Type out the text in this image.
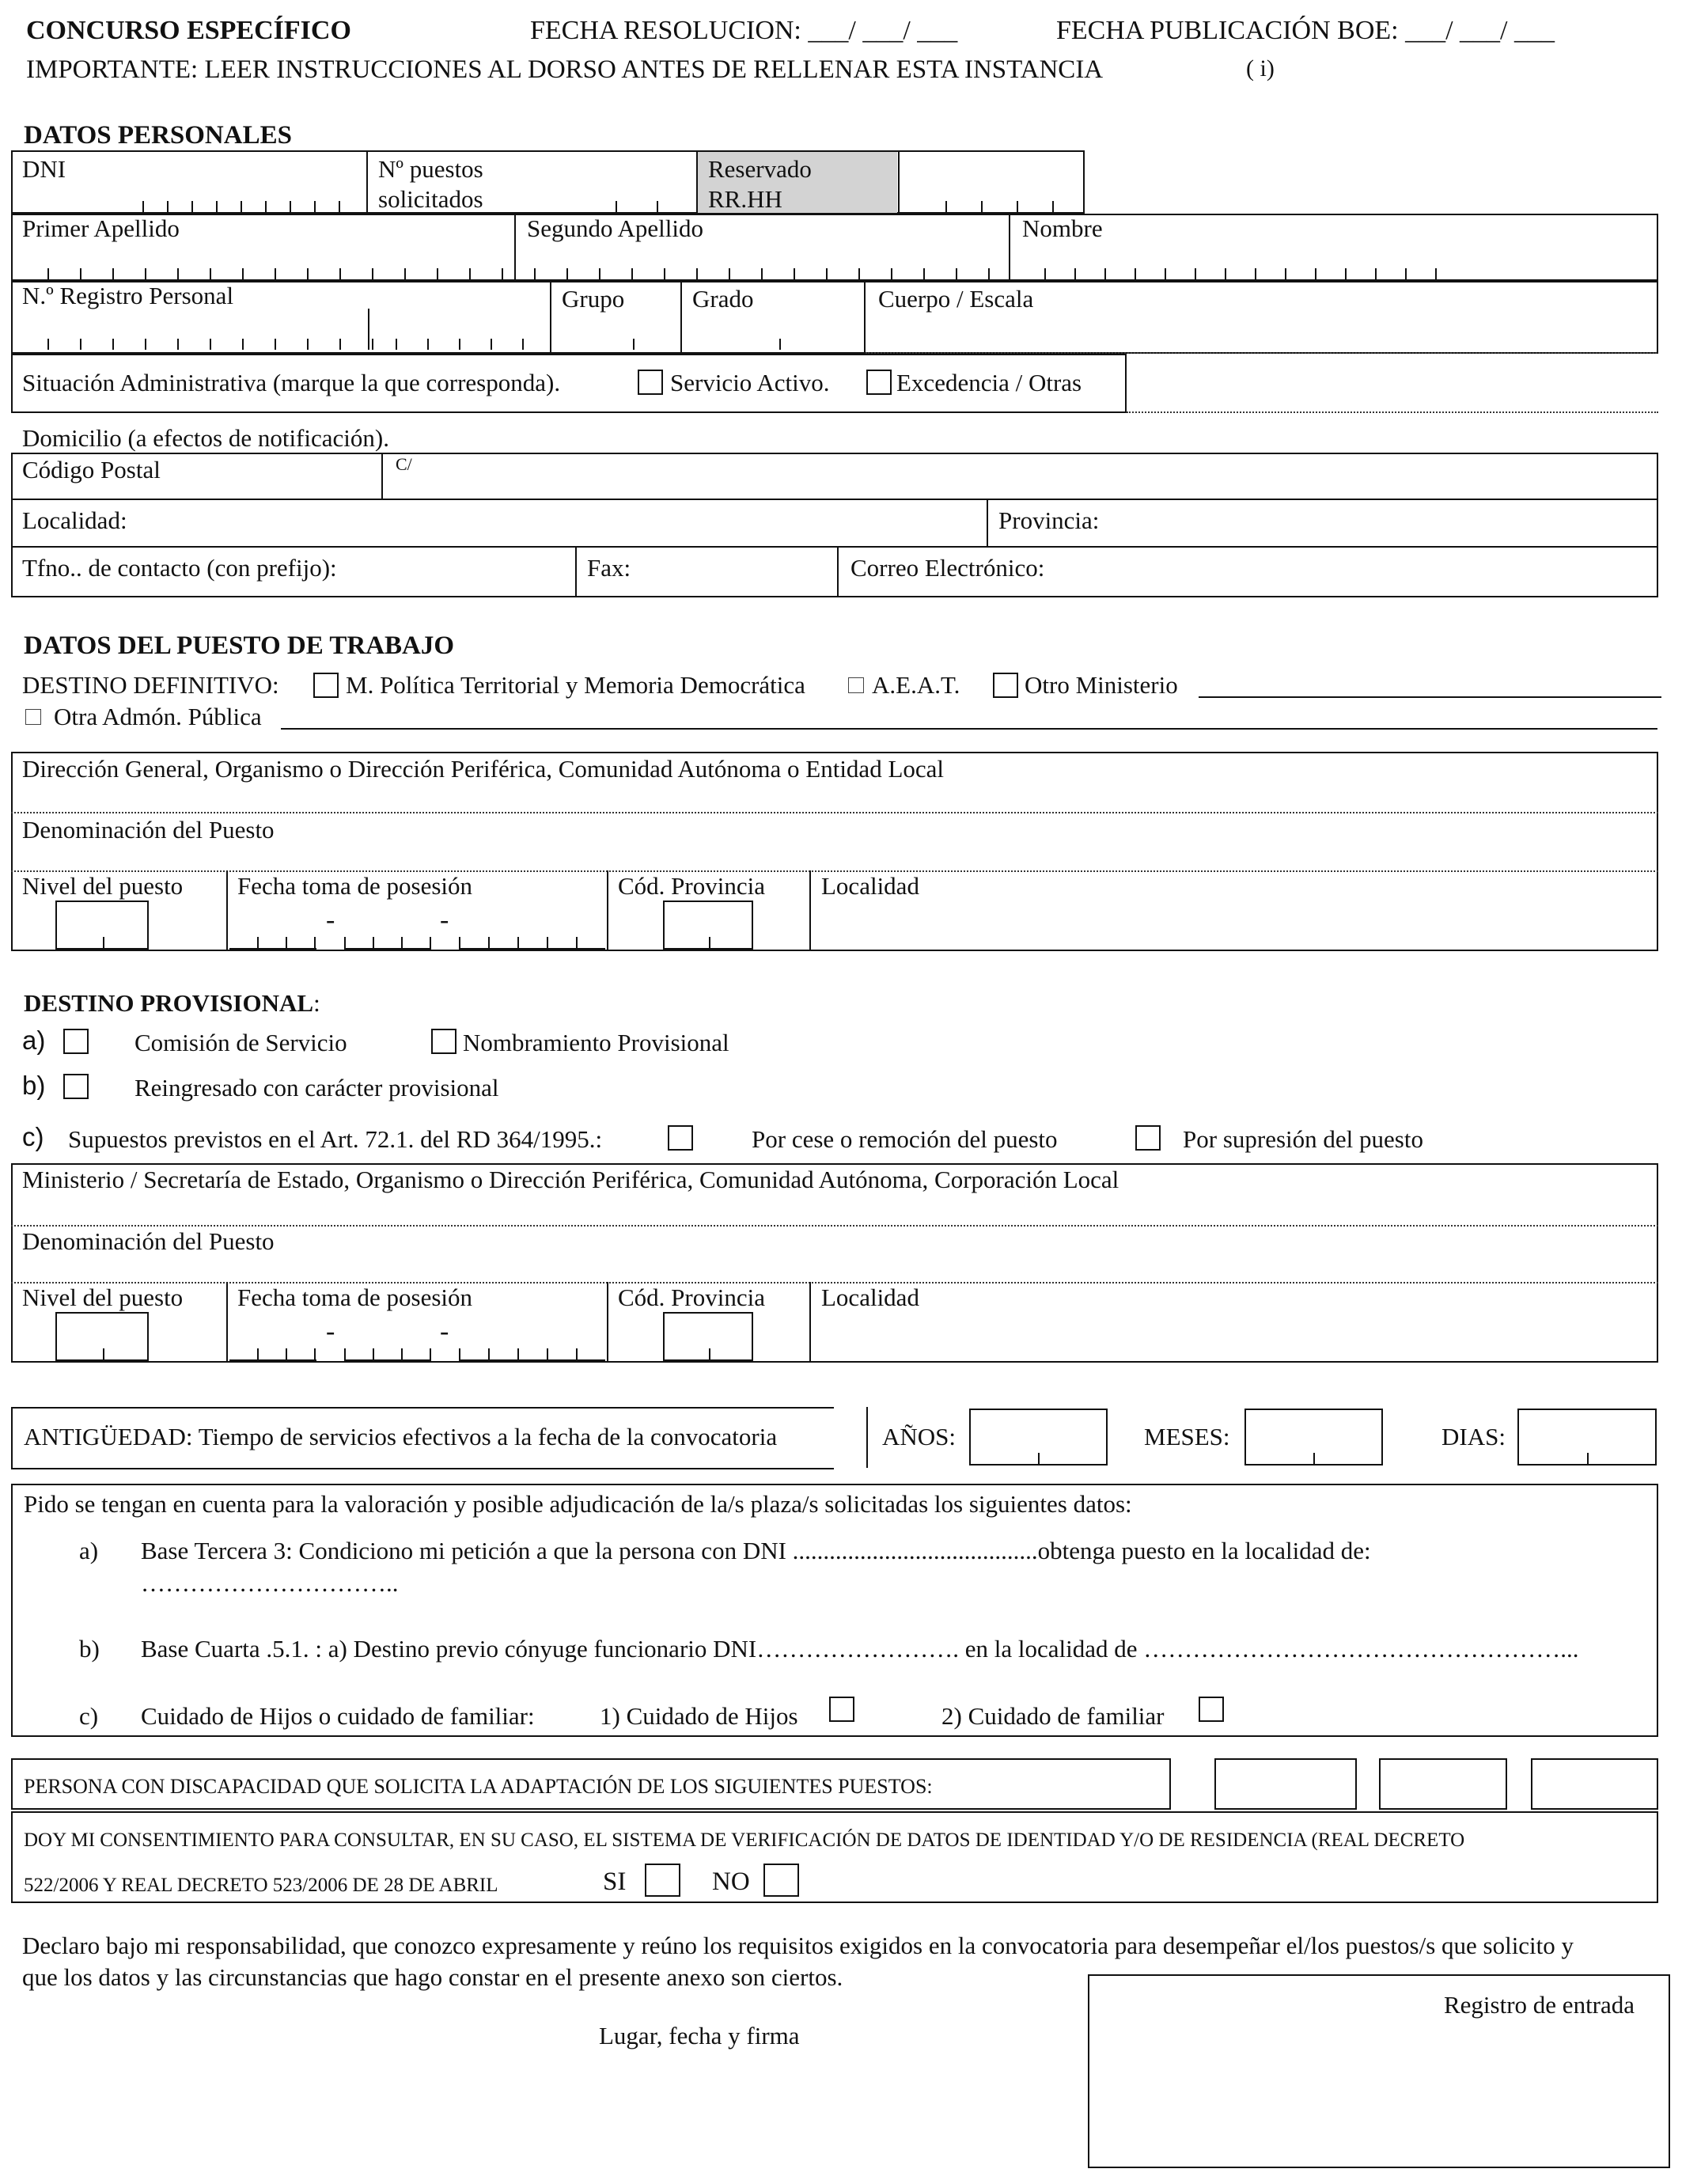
CONCURSO ESPECÍFICO	FECHA RESOLUCION: ___/ ___/ ___	FECHA PUBLICACIÓN BOE: ___/ ___/ ___
IMPORTANTE: LEER INSTRUCCIONES AL DORSO ANTES DE RELLENAR ESTA INSTANCIA	( i)
DATOS PERSONALES
DNI	Nº puestos
solicitados
Reservado
RR.HH
Primer Apellido	Segundo Apellido	Nombre
N.º Registro Personal	Grupo	Grado	Cuerpo / Escala
Situación Administrativa (marque la que corresponda).	Servicio Activo.	Excedencia / Otras
Domicilio (a efectos de notificación).
Código Postal	C/
Localidad:	Provincia:
Tfno.. de contacto (con prefijo):	Fax:	Correo Electrónico:
DATOS DEL PUESTO DE TRABAJO
DESTINO DEFINITIVO:	M. Política Territorial y Memoria Democrática	A.E.A.T.	Otro Ministerio
Otra Admón. Pública
Dirección General, Organismo o Dirección Periférica, Comunidad Autónoma o Entidad Local
Denominación del Puesto
Nivel del puesto Fecha toma de posesión
-	-
Cód. Provincia Localidad
DESTINO PROVISIONAL:
a)	Comisión de Servicio	Nombramiento Provisional
b)	Reingresado con carácter provisional
c) Supuestos previstos en el Art. 72.1. del RD 364/1995.:	Por cese o remoción del puesto	Por supresión del puesto
Ministerio / Secretaría de Estado, Organismo o Dirección Periférica, Comunidad Autónoma, Corporación Local
Denominación del Puesto
Nivel del puesto Fecha toma de posesión
-	-
Cód. Provincia Localidad
ANTIGÜEDAD: Tiempo de servicios efectivos a la fecha de la convocatoria	AÑOS:	MESES:	DIAS:
Pido se tengan en cuenta para la valoración y posible adjudicación de la/s plaza/s solicitadas los siguientes datos:
a) Base Tercera 3: Condiciono mi petición a que la persona con DNI ........................................obtenga puesto en la localidad de:
…………………………..
b) Base Cuarta .5.1. : a) Destino previo cónyuge funcionario DNI……………………. en la localidad de ……………………………………………...
c) Cuidado de Hijos o cuidado de familiar:	1) Cuidado de Hijos	2) Cuidado de familiar
PERSONA CON DISCAPACIDAD QUE SOLICITA LA ADAPTACIÓN DE LOS SIGUIENTES PUESTOS:
DOY MI CONSENTIMIENTO PARA CONSULTAR, EN SU CASO, EL SISTEMA DE VERIFICACIÓN DE DATOS DE IDENTIDAD Y/O DE RESIDENCIA (REAL DECRETO
522/2006 Y REAL DECRETO 523/2006 DE 28 DE ABRIL	SI	NO
Declaro bajo mi responsabilidad, que conozco expresamente y reúno los requisitos exigidos en la convocatoria para desempeñar el/los puestos/s que solicito y
que los datos y las circunstancias que hago constar en el presente anexo son ciertos.
Lugar, fecha y firma
Registro de entrada
